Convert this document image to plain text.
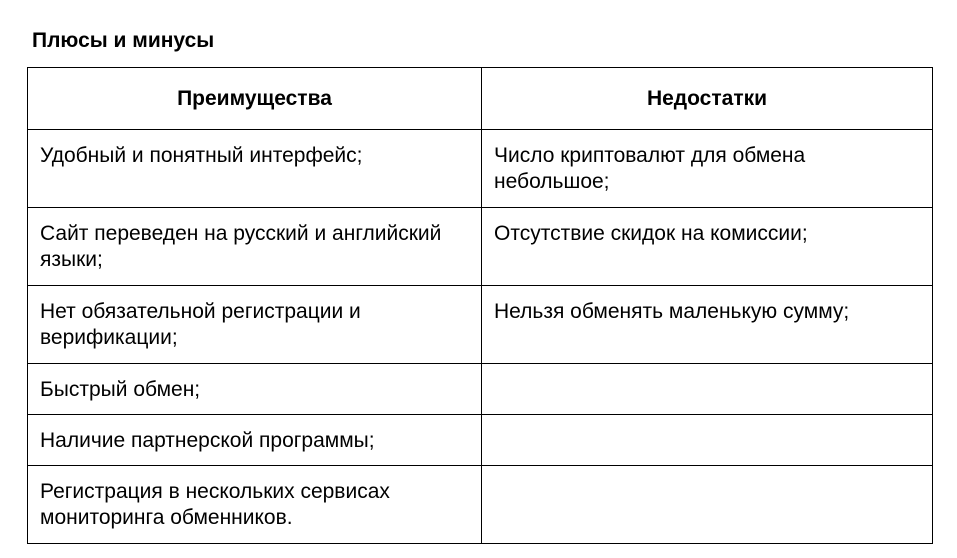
Плюсы и минусы
Преимущества	Недостатки

Удобный и понятный интерфейс;	Число криптовалют для обмена небольшое;

Сайт переведен на русский и английский языки;	Отсутствие скидок на комиссии;

Нет обязательной регистрации и верификации;	Нельзя обменять маленькую сумму;

Быстрый обмен;	

Наличие партнерской программы;	

Регистрация в нескольких сервисах мониторинга обменников.	
